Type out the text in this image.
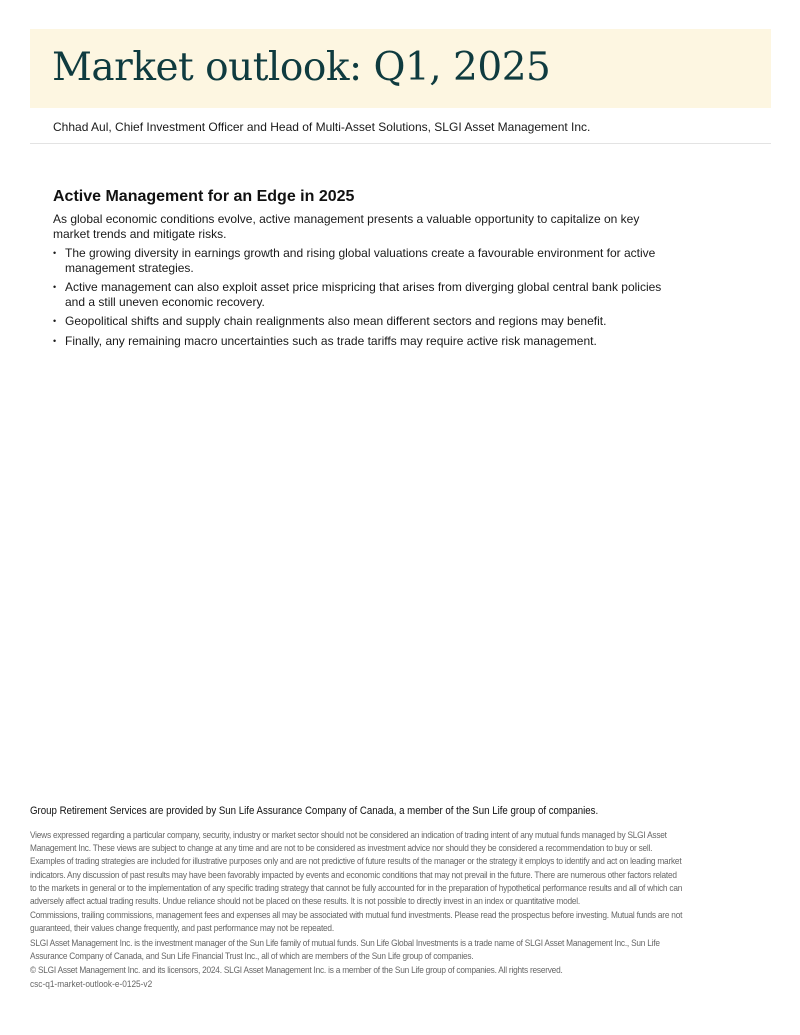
Market outlook: Q1, 2025
Chhad Aul, Chief Investment Officer and Head of Multi-Asset Solutions, SLGI Asset Management Inc.
Active Management for an Edge in 2025

As global economic conditions evolve, active management presents a valuable opportunity to capitalize on key market trends and mitigate risks.

• The growing diversity in earnings growth and rising global valuations create a favourable environment for active management strategies.
• Active management can also exploit asset price mispricing that arises from diverging global central bank policies and a still uneven economic recovery.
• Geopolitical shifts and supply chain realignments also mean different sectors and regions may benefit.
• Finally, any remaining macro uncertainties such as trade tariffs may require active risk management.

Group Retirement Services are provided by Sun Life Assurance Company of Canada, a member of the Sun Life group of companies.

Views expressed regarding a particular company, security, industry or market sector should not be considered an indication of trading intent of any mutual funds managed by SLGI Asset Management Inc. These views are subject to change at any time and are not to be considered as investment advice nor should they be considered a recommendation to buy or sell. Examples of trading strategies are included for illustrative purposes only and are not predictive of future results of the manager or the strategy it employs to identify and act on leading market indicators. Any discussion of past results may have been favorably impacted by events and economic conditions that may not prevail in the future. There are numerous other factors related to the markets in general or to the implementation of any specific trading strategy that cannot be fully accounted for in the preparation of hypothetical performance results and all of which can adversely affect actual trading results. Undue reliance should not be placed on these results. It is not possible to directly invest in an index or quantitative model.

Commissions, trailing commissions, management fees and expenses all may be associated with mutual fund investments. Please read the prospectus before investing. Mutual funds are not guaranteed, their values change frequently, and past performance may not be repeated.

SLGI Asset Management Inc. is the investment manager of the Sun Life family of mutual funds. Sun Life Global Investments is a trade name of SLGI Asset Management Inc., Sun Life Assurance Company of Canada, and Sun Life Financial Trust Inc., all of which are members of the Sun Life group of companies.

© SLGI Asset Management Inc. and its licensors, 2024. SLGI Asset Management Inc. is a member of the Sun Life group of companies. All rights reserved.

csc-q1-market-outlook-e-0125-v2
